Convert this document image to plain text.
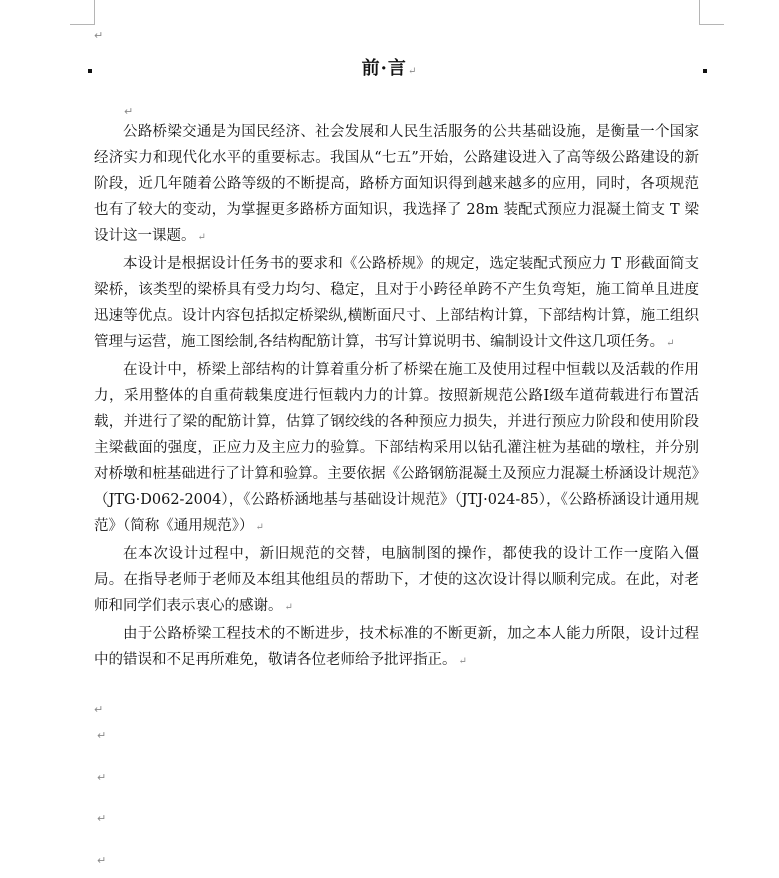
↵
前·言↵
↵

公路桥梁交通是为国民经济、社会发展和人民生活服务的公共基础设施，是衡量一个国家经济实力和现代化水平的重要标志。我国从“七五”开始，公路建设进入了高等级公路建设的新阶段，近几年随着公路等级的不断提高，路桥方面知识得到越来越多的应用，同时，各项规范也有了较大的变动，为掌握更多路桥方面知识，我选择了 28m 装配式预应力混凝土简支 T 梁设计这一课题。 ↵

本设计是根据设计任务书的要求和《公路桥规》的规定，选定装配式预应力 T 形截面简支梁桥，该类型的梁桥具有受力均匀、稳定，且对于小跨径单跨不产生负弯矩，施工简单且进度迅速等优点。设计内容包括拟定桥梁纵,横断面尺寸、上部结构计算，下部结构计算，施工组织管理与运营，施工图绘制,各结构配筋计算，书写计算说明书、编制设计文件这几项任务。 ↵

在设计中，桥梁上部结构的计算着重分析了桥梁在施工及使用过程中恒载以及活载的作用力，采用整体的自重荷载集度进行恒载内力的计算。按照新规范公路Ⅰ级车道荷载进行布置活载，并进行了梁的配筋计算，估算了钢绞线的各种预应力损失，并进行预应力阶段和使用阶段主梁截面的强度，正应力及主应力的验算。下部结构采用以钻孔灌注桩为基础的墩柱，并分别对桥墩和桩基础进行了计算和验算。主要依据《公路钢筋混凝土及预应力混凝土桥涵设计规范》（JTG·D062-2004），《公路桥涵地基与基础设计规范》（JTJ·024-85），《公路桥涵设计通用规范》（简称《通用规范》） ↵

在本次设计过程中，新旧规范的交替，电脑制图的操作，都使我的设计工作一度陷入僵局。在指导老师于老师及本组其他组员的帮助下，才使的这次设计得以顺利完成。在此，对老师和同学们表示衷心的感谢。 ↵

由于公路桥梁工程技术的不断进步，技术标准的不断更新，加之本人能力所限，设计过程中的错误和不足再所难免，敬请各位老师给予批评指正。 ↵

↵
↵
↵
↵
↵
